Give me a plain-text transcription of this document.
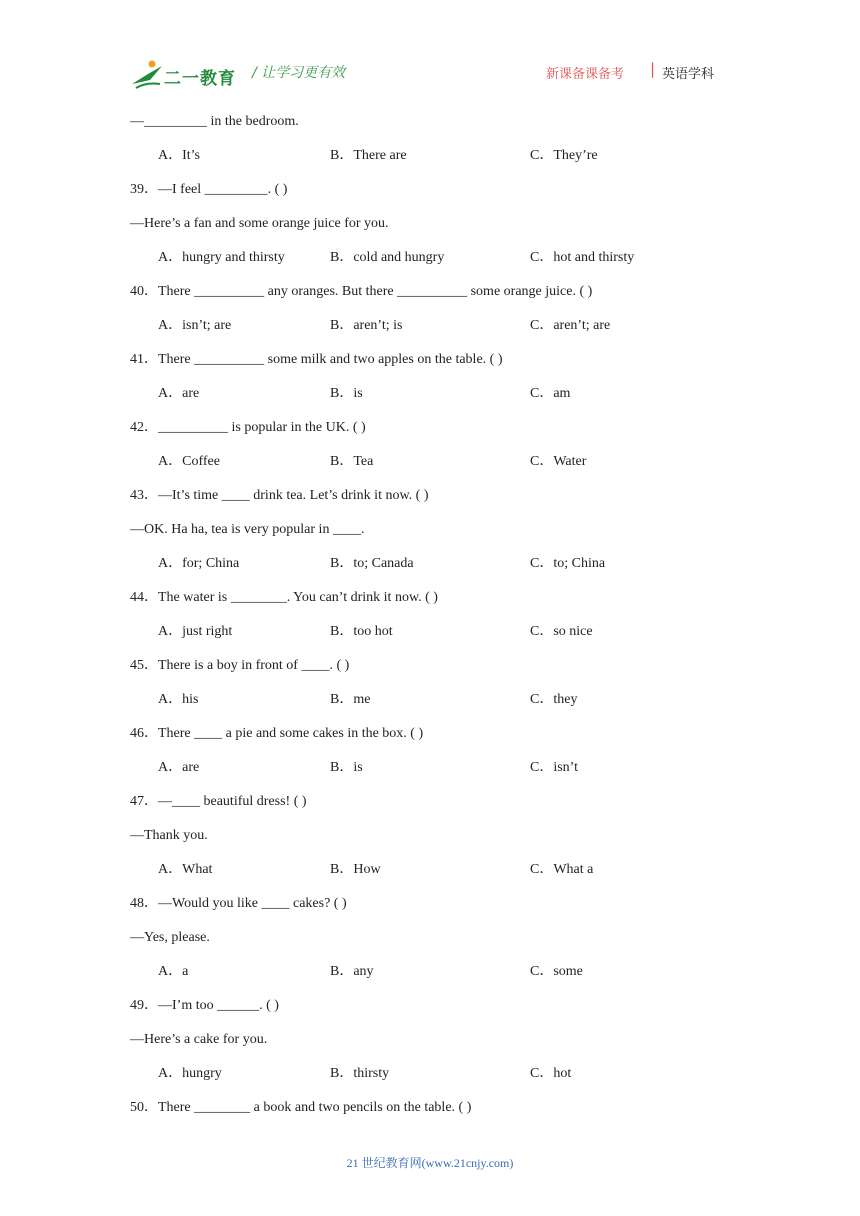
二一教育 / 让学习更有效	新课备课备考 | 英语学科
—_________ in the bedroom.
A．It’s	B．There are	C．They’re
39．—I feel _________. ( )
—Here’s a fan and some orange juice for you.
A．hungry and thirsty	B．cold and hungry	C．hot and thirsty
40．There __________ any oranges. But there __________ some orange juice. ( )
A．isn’t; are	B．aren’t; is	C．aren’t; are
41．There __________ some milk and two apples on the table. ( )
A．are	B．is	C．am
42．__________ is popular in the UK. ( )
A．Coffee	B．Tea	C．Water
43．—It’s time ____ drink tea. Let’s drink it now. ( )
—OK. Ha ha, tea is very popular in ____.
A．for; China	B．to; Canada	C．to; China
44．The water is ________. You can’t drink it now. ( )
A．just right	B．too hot	C．so nice
45．There is a boy in front of ____. ( )
A．his	B．me	C．they
46．There ____ a pie and some cakes in the box. ( )
A．are	B．is	C．isn’t
47．—____ beautiful dress! ( )
—Thank you.
A．What	B．How	C．What a
48．—Would you like ____ cakes? ( )
—Yes, please.
A．a	B．any	C．some
49．—I’m too ______. ( )
—Here’s a cake for you.
A．hungry	B．thirsty	C．hot
50．There ________ a book and two pencils on the table. ( )
21 世纪教育网(www.21cnjy.com)
